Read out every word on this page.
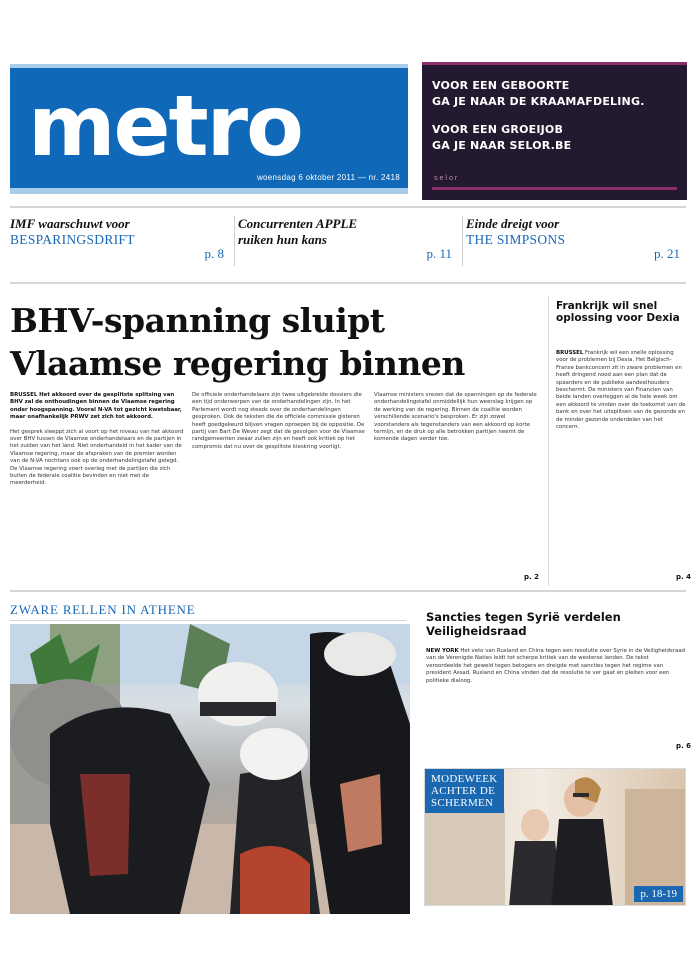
metro
woensdag 6 oktober 2011 — nr. 2418
VOOR EEN GEBOORTE
GA JE NAAR DE KRAAMAFDELING.
VOOR EEN GROEIJOB
GA JE NAAR SELOR.BE
selor
IMF waarschuwt voor
BESPARINGSDRIFT
p. 8
Concurrenten APPLE
ruiken hun kans
p. 11
Einde dreigt voor
THE SIMPSONS
p. 21
BHV-spanning sluipt
Vlaamse regering binnen
BRUSSEL Het akkoord over de gesplitste splitsing van BHV zal de onthoudingen binnen de Vlaamse regering onder hoogspanning. Vooral N-VA tot gezicht kwetsbaar, maar onafhankelijk PRWV zet zich tot akkoord.
Het gesprek sleeppt zich al voort op het niveau van het akkoord over BHV tussen de Vlaamse onderhandelaars en de partijen in het zuiden van het land. Niet onderhandeld in het kader van de Vlaamse regering, maar de afspraken van de premier worden van de N-VA nochtans ook op de onderhandelingstafel gelegd. De Vlaamse regering voert overleg met de partijen die zich buiten de federale coalitie bevinden en niet met de meerderheid.
De officiele onderhandelaars zijn twee uitgebreide dossiers die een tijd onderwerpen van de onderhandelingen zijn. In het Parlement wordt nog steeds over de onderhandelingen gesproken. Ook de teksten die de officiele commissie gisteren heeft goedgekeurd blijven vragen oproepen bij de oppositie. De partij van Bart De Wever zegt dat de gevolgen voor de Vlaamse randgemeenten zwaar zullen zijn en heeft ook kritiek op het compromis dat nu over de gesplitste kieskring voorligt.
Vlaamse ministers vrezen dat de spanningen op de federale onderhandelingstafel onmiddellijk hun weerslag krijgen op de werking van de regering. Binnen de coalitie worden verschillende scenario's besproken. Er zijn zowel voorstanders als tegenstanders van een akkoord op korte termijn, en de druk op alle betrokken partijen neemt de komende dagen verder toe.
p. 2
Frankrijk wil snel oplossing voor Dexia
BRUSSEL Frankrijk wil een snelle oplossing voor de problemen bij Dexia. Het Belgisch-Franse bankconcern zit in zware problemen en heeft dringend nood aan een plan dat de spaarders en de publieke aandeelhouders beschermt. De ministers van Financien van beide landen overleggen al de hele week om een akkoord te vinden over de toekomst van de bank en over het uitsplitsen van de gezonde en de minder gezonde onderdelen van het concern.
p. 4
ZWARE RELLEN IN ATHENE	Sancties tegen Syrië verdelen Veiligheidsraad
NEW YORK Het veto van Rusland en China tegen een resolutie over Syrie in de Veiligheidsraad van de Verenigde Naties leidt tot scherpe kritiek van de westerse landen. De tekst veroordeelde het geweld tegen betogers en dreigde met sancties tegen het regime van president Assad. Rusland en China vinden dat de resolutie te ver gaat en pleiten voor een politieke dialoog.
p. 6
MODEWEEK
ACHTER DE
SCHERMEN
p. 18-19
